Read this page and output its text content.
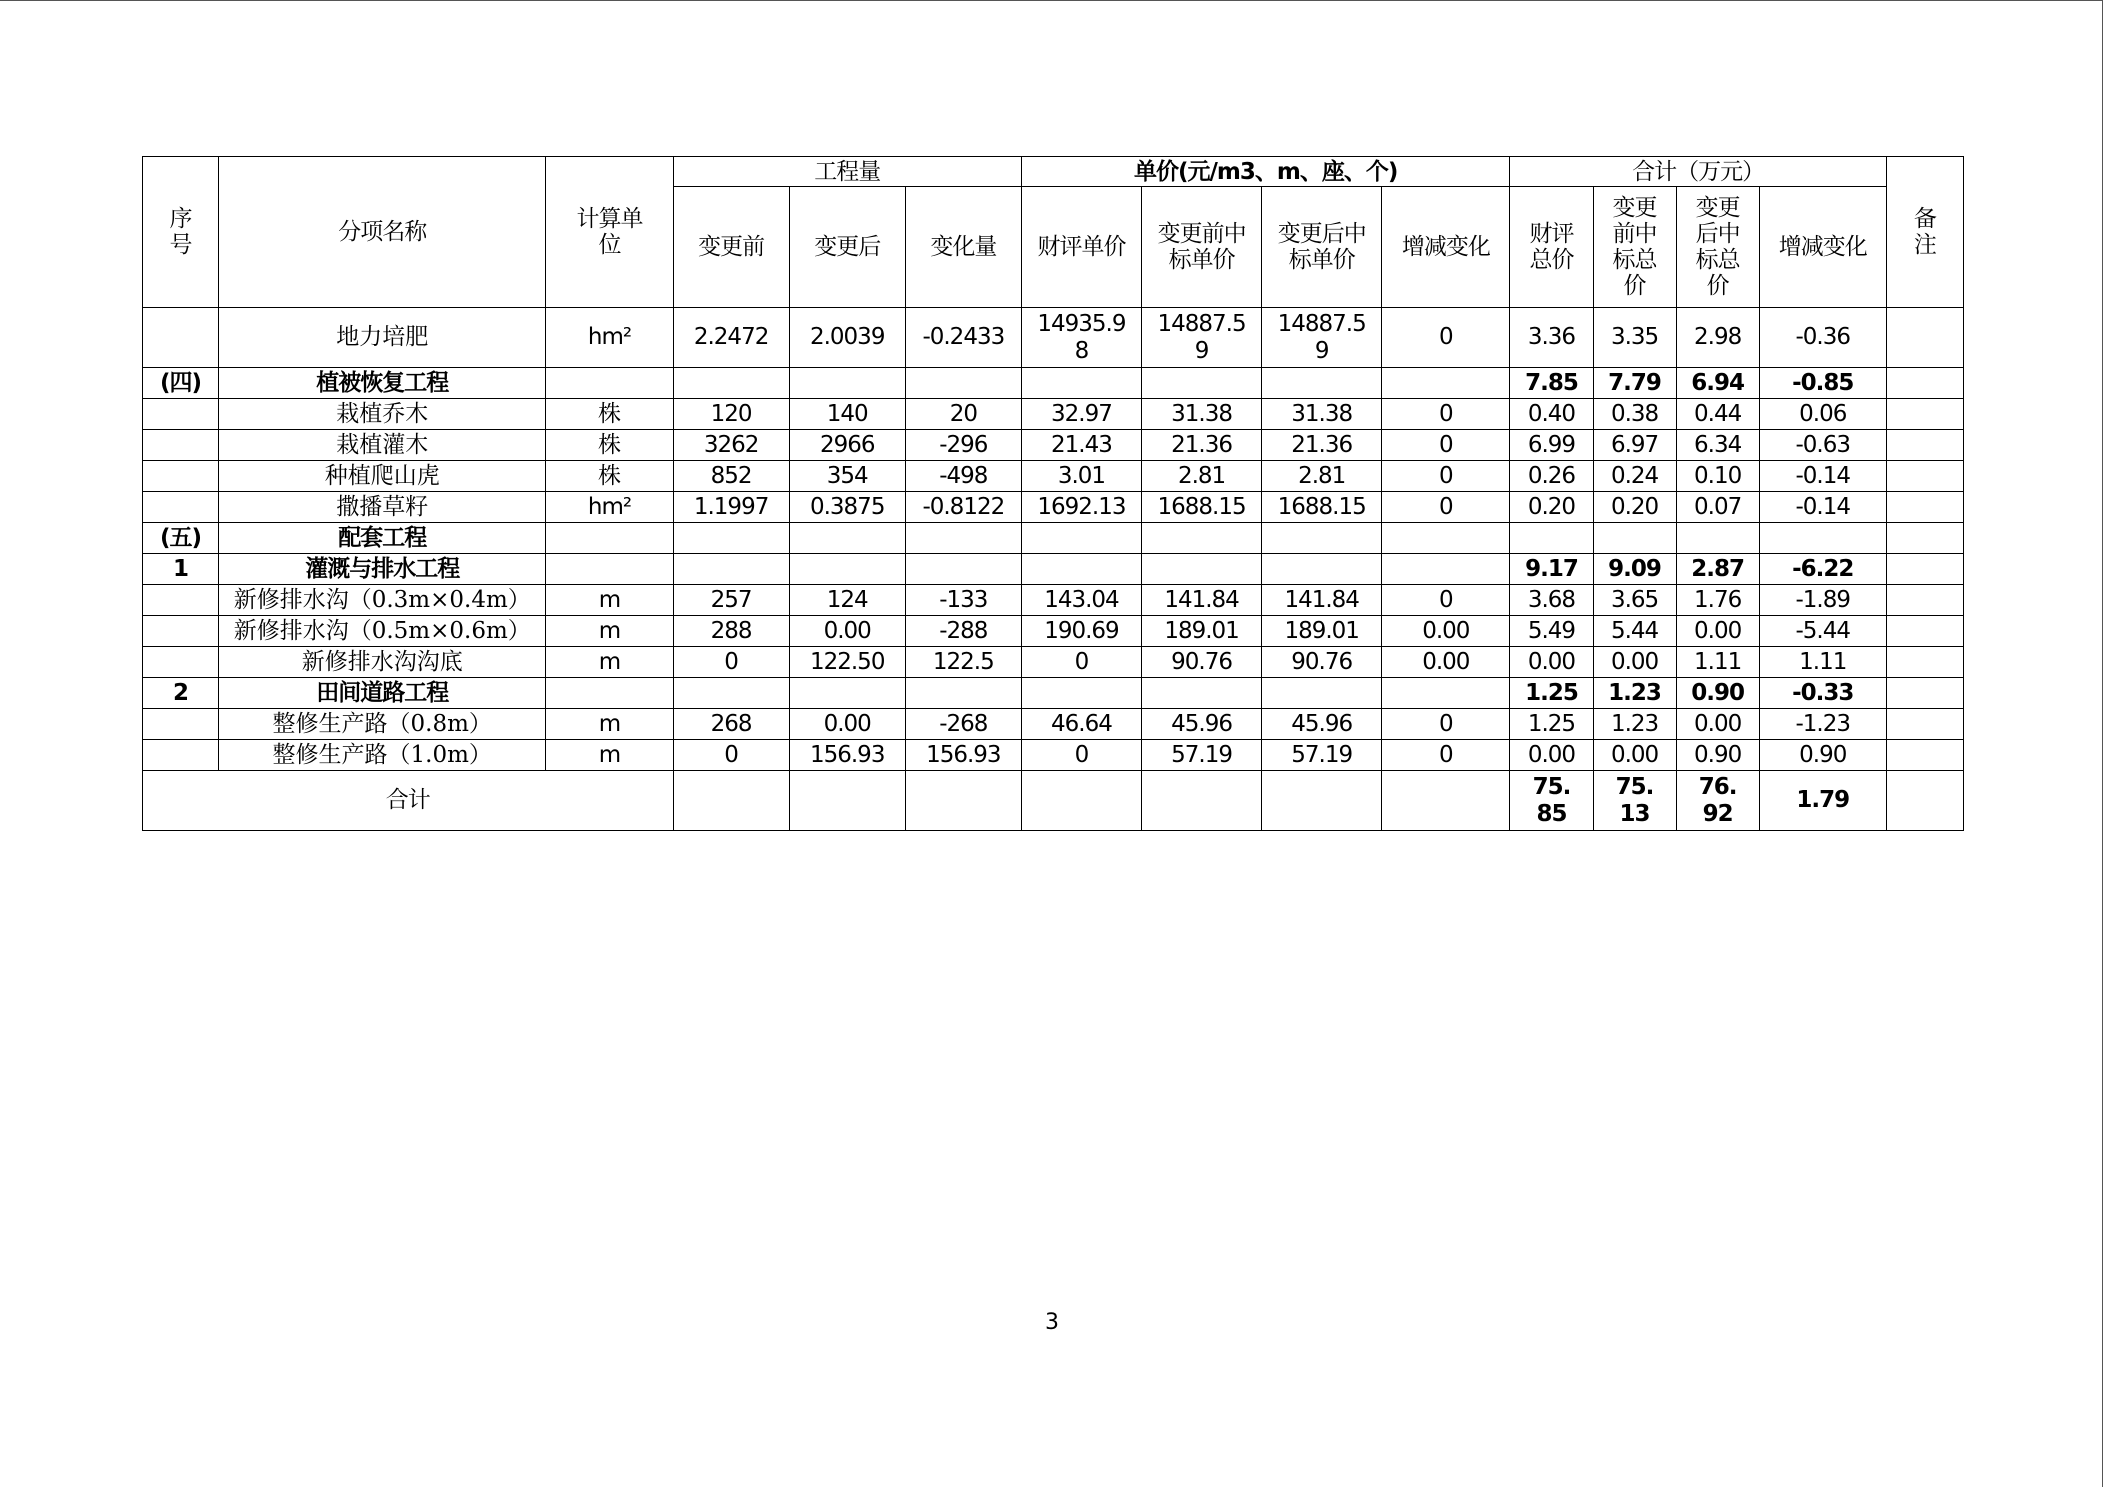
序号	分项名称	计算单位	工程量			单价(元/m3、m、座、个)				合计（万元）				备注
			变更前	变更后	变化量	财评单价	变更前中标单价	变更后中标单价	增减变化	财评总价	变更前中标总价	变更后中标总价	增减变化	
	地力培肥	hm²	2.2472	2.0039	-0.2433	14935.98	14887.59	14887.59	0	3.36	3.35	2.98	-0.36	
(四)	植被恢复工程									7.85	7.79	6.94	-0.85	
	栽植乔木	株	120	140	20	32.97	31.38	31.38	0	0.40	0.38	0.44	0.06	
	栽植灌木	株	3262	2966	-296	21.43	21.36	21.36	0	6.99	6.97	6.34	-0.63	
	种植爬山虎	株	852	354	-498	3.01	2.81	2.81	0	0.26	0.24	0.10	-0.14	
	撒播草籽	hm²	1.1997	0.3875	-0.8122	1692.13	1688.15	1688.15	0	0.20	0.20	0.07	-0.14	
(五)	配套工程													
1	灌溉与排水工程									9.17	9.09	2.87	-6.22	
	新修排水沟（0.3m×0.4m）	m	257	124	-133	143.04	141.84	141.84	0	3.68	3.65	1.76	-1.89	
	新修排水沟（0.5m×0.6m）	m	288	0.00	-288	190.69	189.01	189.01	0.00	5.49	5.44	0.00	-5.44	
	新修排水沟沟底	m	0	122.50	122.5	0	90.76	90.76	0.00	0.00	0.00	1.11	1.11	
2	田间道路工程									1.25	1.23	0.90	-0.33	
	整修生产路（0.8m）	m	268	0.00	-268	46.64	45.96	45.96	0	1.25	1.23	0.00	-1.23	
	整修生产路（1.0m）	m	0	156.93	156.93	0	57.19	57.19	0	0.00	0.00	0.90	0.90	
合计										75.85	75.13	76.92	1.79	
3
